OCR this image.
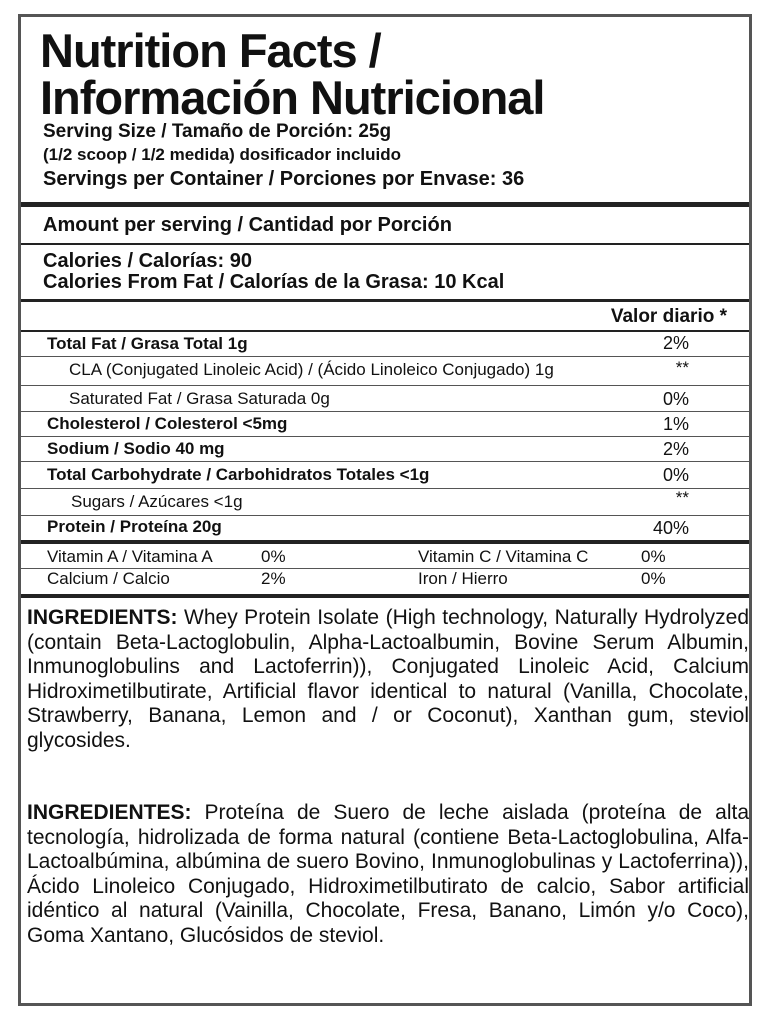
Nutrition Facts /
Información Nutricional
Serving Size / Tamaño de Porción: 25g
(1/2 scoop / 1/2 medida) dosificador incluido
Servings per Container / Porciones por Envase: 36
Amount per serving / Cantidad por Porción
Calories / Calorías: 90
Calories From Fat / Calorías de la Grasa: 10 Kcal
Valor diario *
Total Fat / Grasa Total 1g	2%
CLA (Conjugated Linoleic Acid) / (Ácido Linoleico Conjugado) 1g	**
Saturated Fat / Grasa Saturada 0g	0%
Cholesterol / Colesterol <5mg	1%
Sodium / Sodio 40 mg	2%
Total Carbohydrate / Carbohidratos Totales <1g	0%
Sugars / Azúcares <1g	**
Protein / Proteína 20g	40%
Vitamin A / Vitamina A	0%	Vitamin C / Vitamina C	0%
Calcium / Calcio	2%	Iron / Hierro	0%
INGREDIENTS: Whey Protein Isolate (High technology, Naturally Hydrolyzed (contain Beta-Lactoglobulin, Alpha-Lactoalbumin, Bovine Serum Albumin, Inmunoglobulins and Lactoferrin)), Conjugated Linoleic Acid, Calcium Hidroximetilbutirate, Artificial flavor identical to natural (Vanilla, Chocolate, Strawberry, Banana, Lemon and / or Coconut), Xanthan gum, steviol glycosides.
INGREDIENTES: Proteína de Suero de leche aislada (proteína de alta tecnología, hidrolizada de forma natural (contiene Beta-Lactoglobulina, Alfa-Lactoalbúmina, albúmina de suero Bovino, Inmunoglobulinas y Lactoferrina)), Ácido Linoleico Conjugado, Hidroximetilbutirato de calcio, Sabor artificial idéntico al natural (Vainilla, Chocolate, Fresa, Banano, Limón y/o Coco), Goma Xantano, Glucósidos de steviol.
